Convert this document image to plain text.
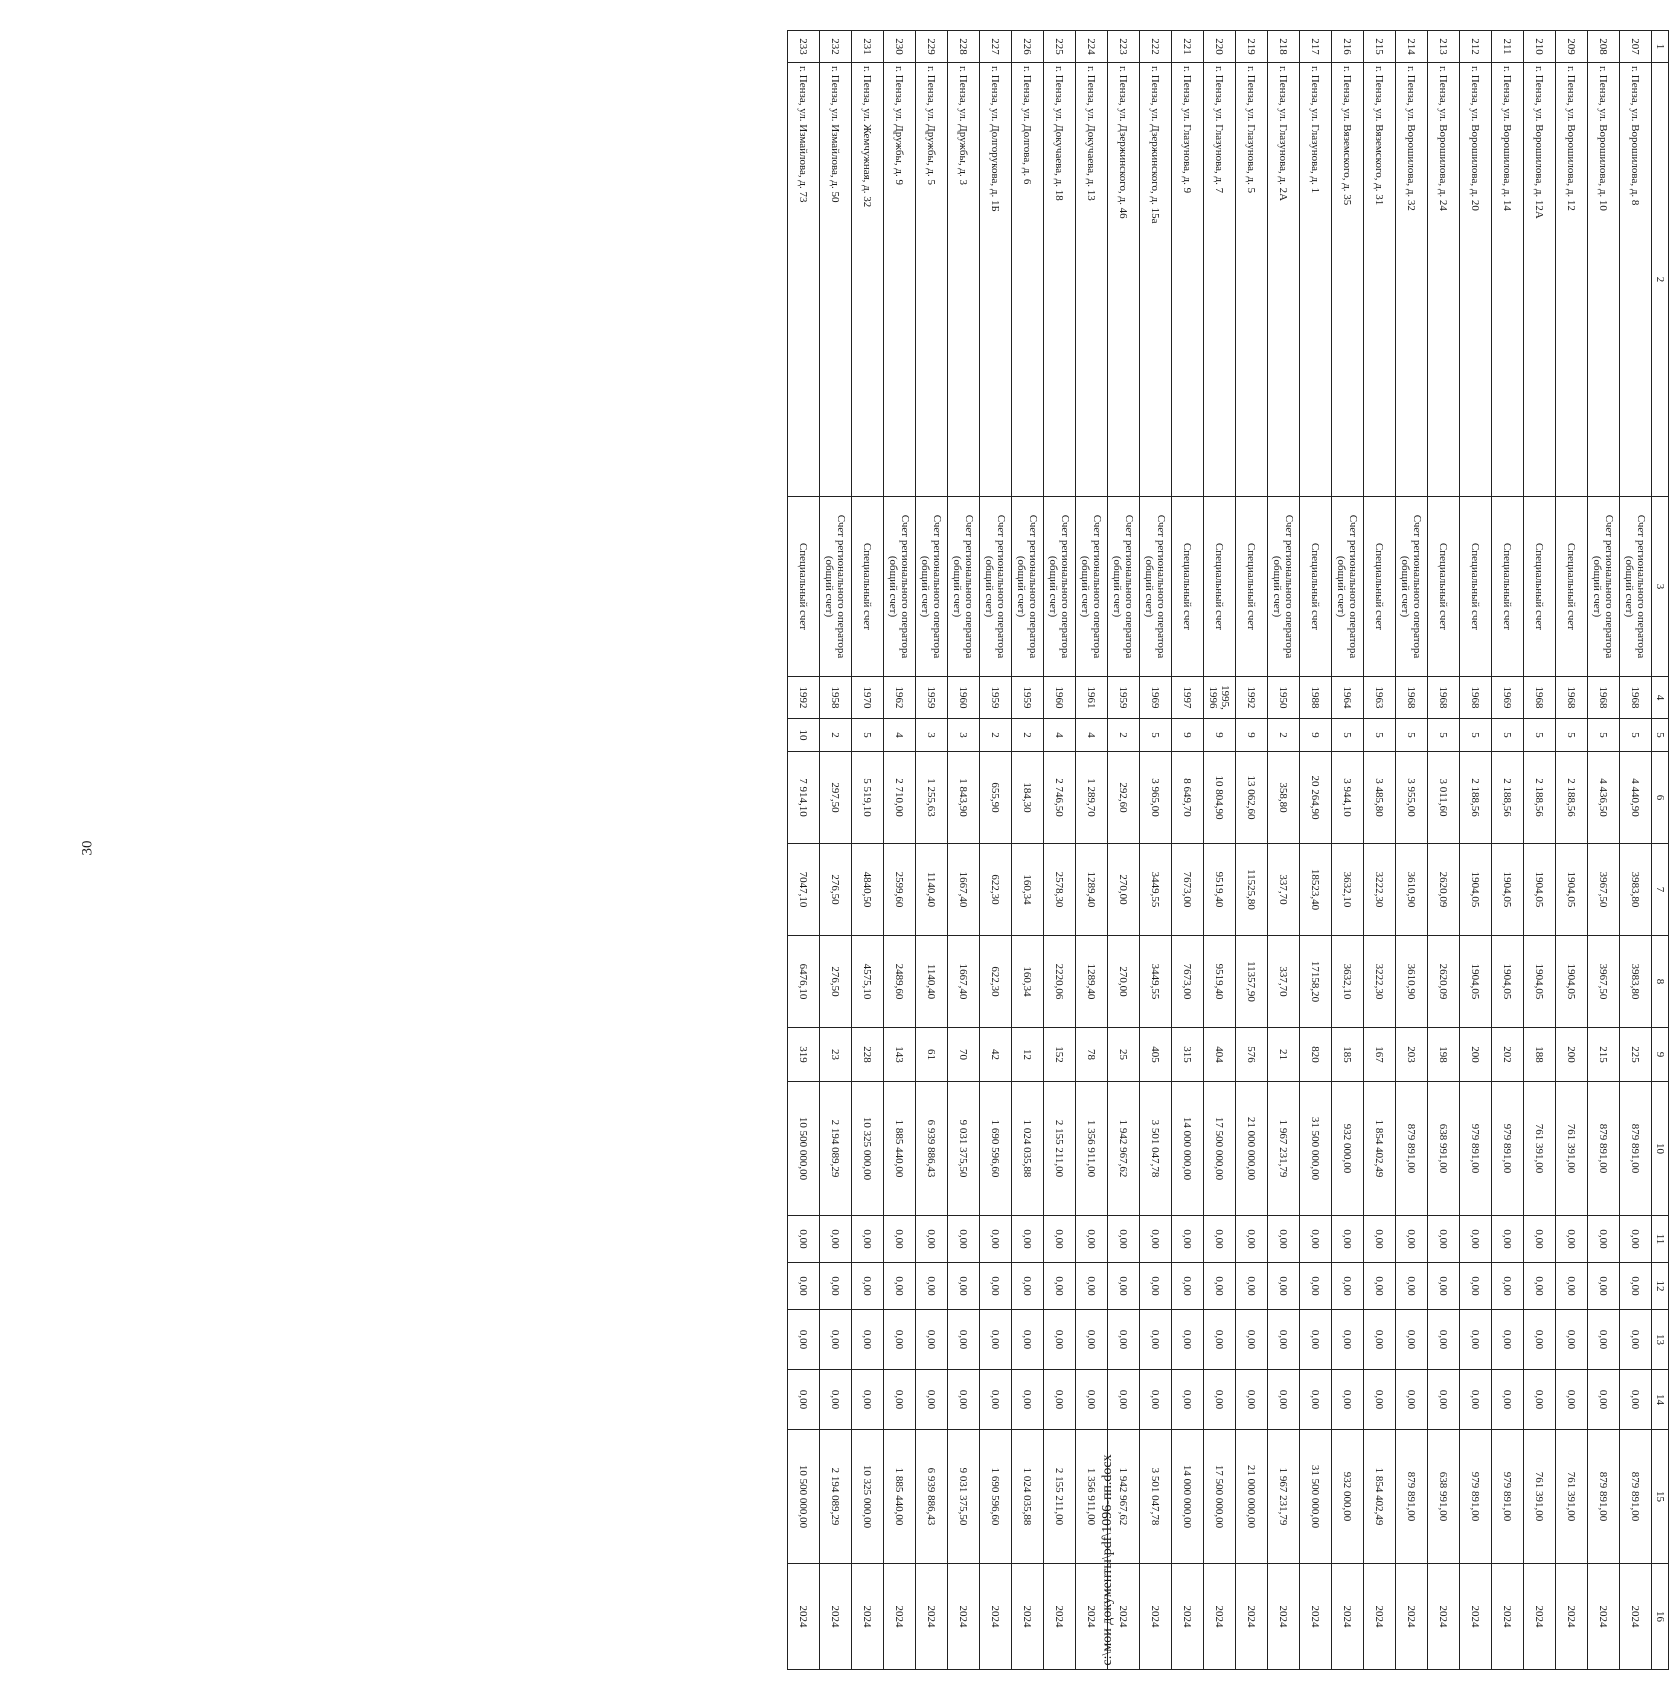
30
1	2	3	4	5	6	7	8	9	10	11	12	13	14	15	16
207	г. Пенза, ул. Ворошилова, д. 8	Счет регионального оператора (общий счет)	1968	5	4 440,90	3983,80	3983,80	225	879 891,00	0,00	0,00	0,00	0,00	879 891,00	2024
208	г. Пенза, ул. Ворошилова, д. 10	Счет регионального оператора (общий счет)	1968	5	4 436,50	3967,50	3967,50	215	879 891,00	0,00	0,00	0,00	0,00	879 891,00	2024
209	г. Пенза, ул. Ворошилова, д. 12	Специальный счет	1968	5	2 188,56	1904,05	1904,05	200	761 391,00	0,00	0,00	0,00	0,00	761 391,00	2024
210	г. Пенза, ул. Ворошилова, д. 12А	Специальный счет	1968	5	2 188,56	1904,05	1904,05	188	761 391,00	0,00	0,00	0,00	0,00	761 391,00	2024
211	г. Пенза, ул. Ворошилова, д. 14	Специальный счет	1969	5	2 188,56	1904,05	1904,05	202	979 891,00	0,00	0,00	0,00	0,00	979 891,00	2024
212	г. Пенза, ул. Ворошилова, д. 20	Специальный счет	1968	5	2 188,56	1904,05	1904,05	200	979 891,00	0,00	0,00	0,00	0,00	979 891,00	2024
213	г. Пенза, ул. Ворошилова, д. 24	Специальный счет	1968	5	3 011,60	2620,09	2620,09	198	638 991,00	0,00	0,00	0,00	0,00	638 991,00	2024
214	г. Пенза, ул. Ворошилова, д. 32	Счет регионального оператора (общий счет)	1968	5	3 955,00	3610,90	3610,90	203	879 891,00	0,00	0,00	0,00	0,00	879 891,00	2024
215	г. Пенза, ул. Вяземского, д. 31	Специальный счет	1963	5	3 485,80	3222,30	3222,30	167	1 854 402,49	0,00	0,00	0,00	0,00	1 854 402,49	2024
216	г. Пенза, ул. Вяземского, д. 35	Счет регионального оператора (общий счет)	1964	5	3 944,10	3632,10	3632,10	185	932 000,00	0,00	0,00	0,00	0,00	932 000,00	2024
217	г. Пенза, ул. Глазунова, д. 1	Специальный счет	1988	9	20 264,90	18523,40	17158,20	820	31 500 000,00	0,00	0,00	0,00	0,00	31 500 000,00	2024
218	г. Пенза, ул. Глазунова, д. 2А	Счет регионального оператора (общий счет)	1950	2	358,80	337,70	337,70	21	1 967 231,79	0,00	0,00	0,00	0,00	1 967 231,79	2024
219	г. Пенза, ул. Глазунова, д. 5	Специальный счет	1992	9	13 062,60	11525,80	11357,90	576	21 000 000,00	0,00	0,00	0,00	0,00	21 000 000,00	2024
220	г. Пенза, ул. Глазунова, д. 7	Специальный счет	1995, 1996	9	10 804,90	9519,40	9519,40	404	17 500 000,00	0,00	0,00	0,00	0,00	17 500 000,00	2024
221	г. Пенза, ул. Глазунова, д. 9	Специальный счет	1997	9	8 649,70	7673,00	7673,00	315	14 000 000,00	0,00	0,00	0,00	0,00	14 000 000,00	2024
222	г. Пенза, ул. Дзержинского, д. 15а	Счет регионального оператора (общий счет)	1969	5	3 965,00	3449,55	3449,55	405	3 501 047,78	0,00	0,00	0,00	0,00	3 501 047,78	2024
223	г. Пенза, ул. Дзержинского, д. 46	Счет регионального оператора (общий счет)	1959	2	292,60	270,00	270,00	25	1 942 967,62	0,00	0,00	0,00	0,00	1 942 967,62	2024
224	г. Пенза, ул. Докучаева, д. 13	Счет регионального оператора (общий счет)	1961	4	1 289,70	1289,40	1289,40	78	1 356 911,00	0,00	0,00	0,00	0,00	1 356 911,00	2024
225	г. Пенза, ул. Докучаева, д. 18	Счет регионального оператора (общий счет)	1960	4	2 746,50	2578,30	2220,06	152	2 155 211,00	0,00	0,00	0,00	0,00	2 155 211,00	2024
226	г. Пенза, ул. Долгова, д. 6	Счет регионального оператора (общий счет)	1959	2	184,30	160,34	160,34	12	1 024 035,88	0,00	0,00	0,00	0,00	1 024 035,88	2024
227	г. Пенза, ул. Долгорукова, д. 1Б	Счет регионального оператора (общий счет)	1959	2	655,90	622,30	622,30	42	1 690 596,60	0,00	0,00	0,00	0,00	1 690 596,60	2024
228	г. Пенза, ул. Дружбы, д. 3	Счет регионального оператора (общий счет)	1960	3	1 843,90	1667,40	1667,40	70	9 031 375,50	0,00	0,00	0,00	0,00	9 031 375,50	2024
229	г. Пенза, ул. Дружбы, д. 5	Счет регионального оператора (общий счет)	1959	3	1 255,63	1140,40	1140,40	61	6 939 886,43	0,00	0,00	0,00	0,00	6 939 886,43	2024
230	г. Пенза, ул. Дружбы, д. 9	Счет регионального оператора (общий счет)	1962	4	2 710,00	2599,60	2489,60	143	1 885 440,00	0,00	0,00	0,00	0,00	1 885 440,00	2024
231	г. Пенза, ул. Жемчужная, д. 32	Специальный счет	1970	5	5 519,10	4840,50	4575,10	228	10 325 000,00	0,00	0,00	0,00	0,00	10 325 000,00	2024
232	г. Пенза, ул. Измайлова, д. 50	Счет регионального оператора (общий счет)	1958	2	297,50	276,50	276,50	23	2 194 089,29	0,00	0,00	0,00	0,00	2 194 089,29	2024
233	г. Пенза, ул. Измайлова, д. 73	Специальный счет	1992	10	7 914,10	7047,10	6476,10	319	10 500 000,00	0,00	0,00	0,00	0,00	10 500 000,00	2024	c:\мои документы\pdf\1096-пп.docx
